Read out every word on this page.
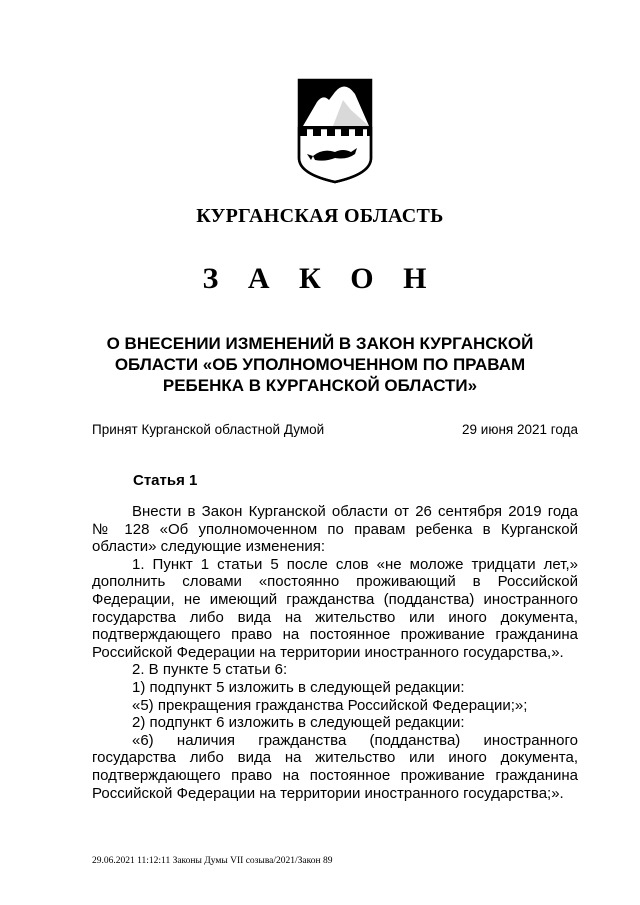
КУРГАНСКАЯ ОБЛАСТЬ
З А К О Н
О ВНЕСЕНИИ ИЗМЕНЕНИЙ В ЗАКОН КУРГАНСКОЙ
ОБЛАСТИ «ОБ УПОЛНОМОЧЕННОМ ПО ПРАВАМ
РЕБЕНКА В КУРГАНСКОЙ ОБЛАСТИ»
Принят Курганской областной Думой	29 июня 2021 года
Статья 1

Внести в Закон Курганской области от 26 сентября 2019 года № 128 «Об уполномоченном по правам ребенка в Курганской области» следующие изменения:

1. Пункт 1 статьи 5 после слов «не моложе тридцати лет,» дополнить словами «постоянно проживающий в Российской Федерации, не имеющий гражданства (подданства) иностранного государства либо вида на жительство или иного документа, подтверждающего право на постоянное проживание гражданина Российской Федерации на территории иностранного государства,».

2. В пункте 5 статьи 6:

1) подпункт 5 изложить в следующей редакции:

«5) прекращения гражданства Российской Федерации;»;

2) подпункт 6 изложить в следующей редакции:

«6) наличия гражданства (подданства) иностранного государства либо вида на жительство или иного документа, подтверждающего право на постоянное проживание гражданина Российской Федерации на территории иностранного государства;».

29.06.2021 11:12:11 Законы Думы VII созыва/2021/Закон 89
